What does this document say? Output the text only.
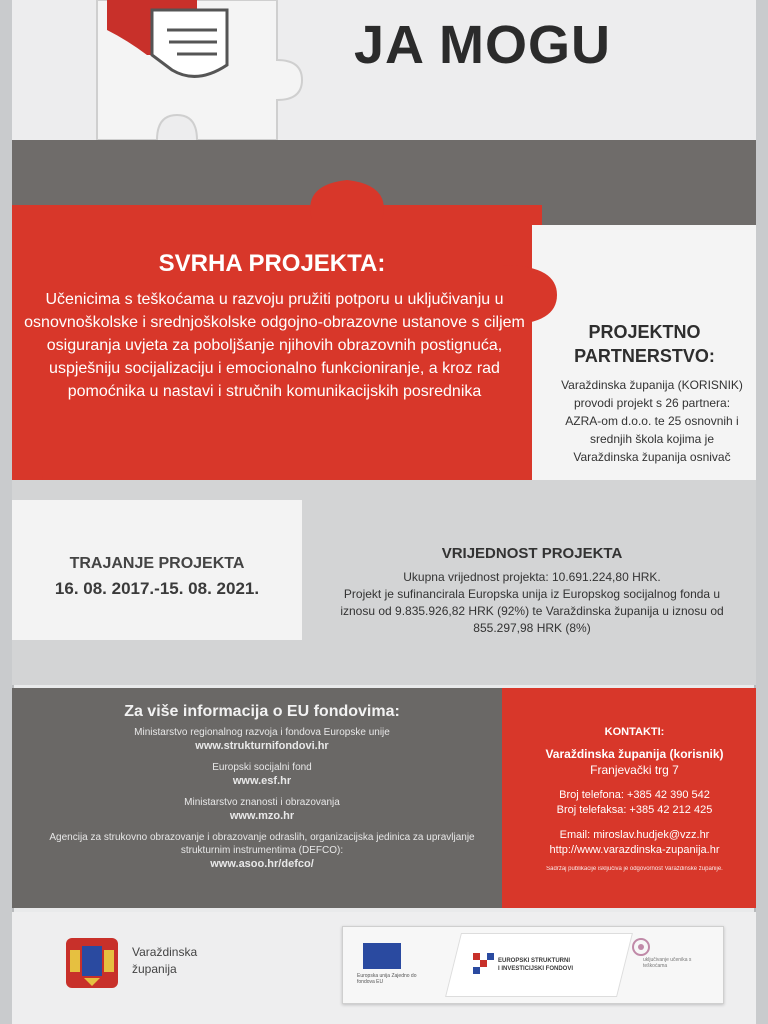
JA MOGU
SVRHA PROJEKTA:

Učenicima s teškoćama u razvoju pružiti potporu u uključivanju u osnovnoškolske i srednjoškolske odgojno-obrazovne ustanove s ciljem osiguranja uvjeta za poboljšanje njihovih obrazovnih postignuća, uspješniju socijalizaciju i emocionalno funkcioniranje, a kroz rad pomoćnika u nastavi i stručnih komunikacijskih posrednika

PROJEKTNO PARTNERSTVO:

Varaždinska županija (KORISNIK) provodi projekt s 26 partnera: AZRA-om d.o.o. te 25 osnovnih i srednjih škola kojima je Varaždinska županija osnivač

TRAJANJE PROJEKTA

16. 08. 2017.-15. 08. 2021.

VRIJEDNOST PROJEKTA
Ukupna vrijednost projekta: 10.691.224,80 HRK.
Projekt je sufinancirala Europska unija iz Europskog socijalnog fonda u iznosu od 9.835.926,82 HRK (92%) te Varaždinska županija u iznosu od 855.297,98 HRK (8%)
Za više informacija o EU fondovima:
Ministarstvo regionalnog razvoja i fondova Europske unije
www.strukturnifondovi.hr
Europski socijalni fond
www.esf.hr
Ministarstvo znanosti i obrazovanja
www.mzo.hr
Agencija za strukovno obrazovanje i obrazovanje odraslih, organizacijska jedinica za upravljanje strukturnim instrumentima (DEFCO):
www.asoo.hr/defco/
KONTAKTI:
Varaždinska županija (korisnik)
Franjevački trg 7
Broj telefona: +385 42 390 542
Broj telefaksa: +385 42 212 425
Email: miroslav.hudjek@vzz.hr
http://www.varazdinska-zupanija.hr
Sadržaj publikacije isključiva je odgovornost Varaždinske županije.
Varaždinska
županija	Europska unija Zajedno do fondova EU
EUROPSKI STRUKTURNI
I INVESTICIJSKI FONDOVI
uključivanje učenika s teškoćama
